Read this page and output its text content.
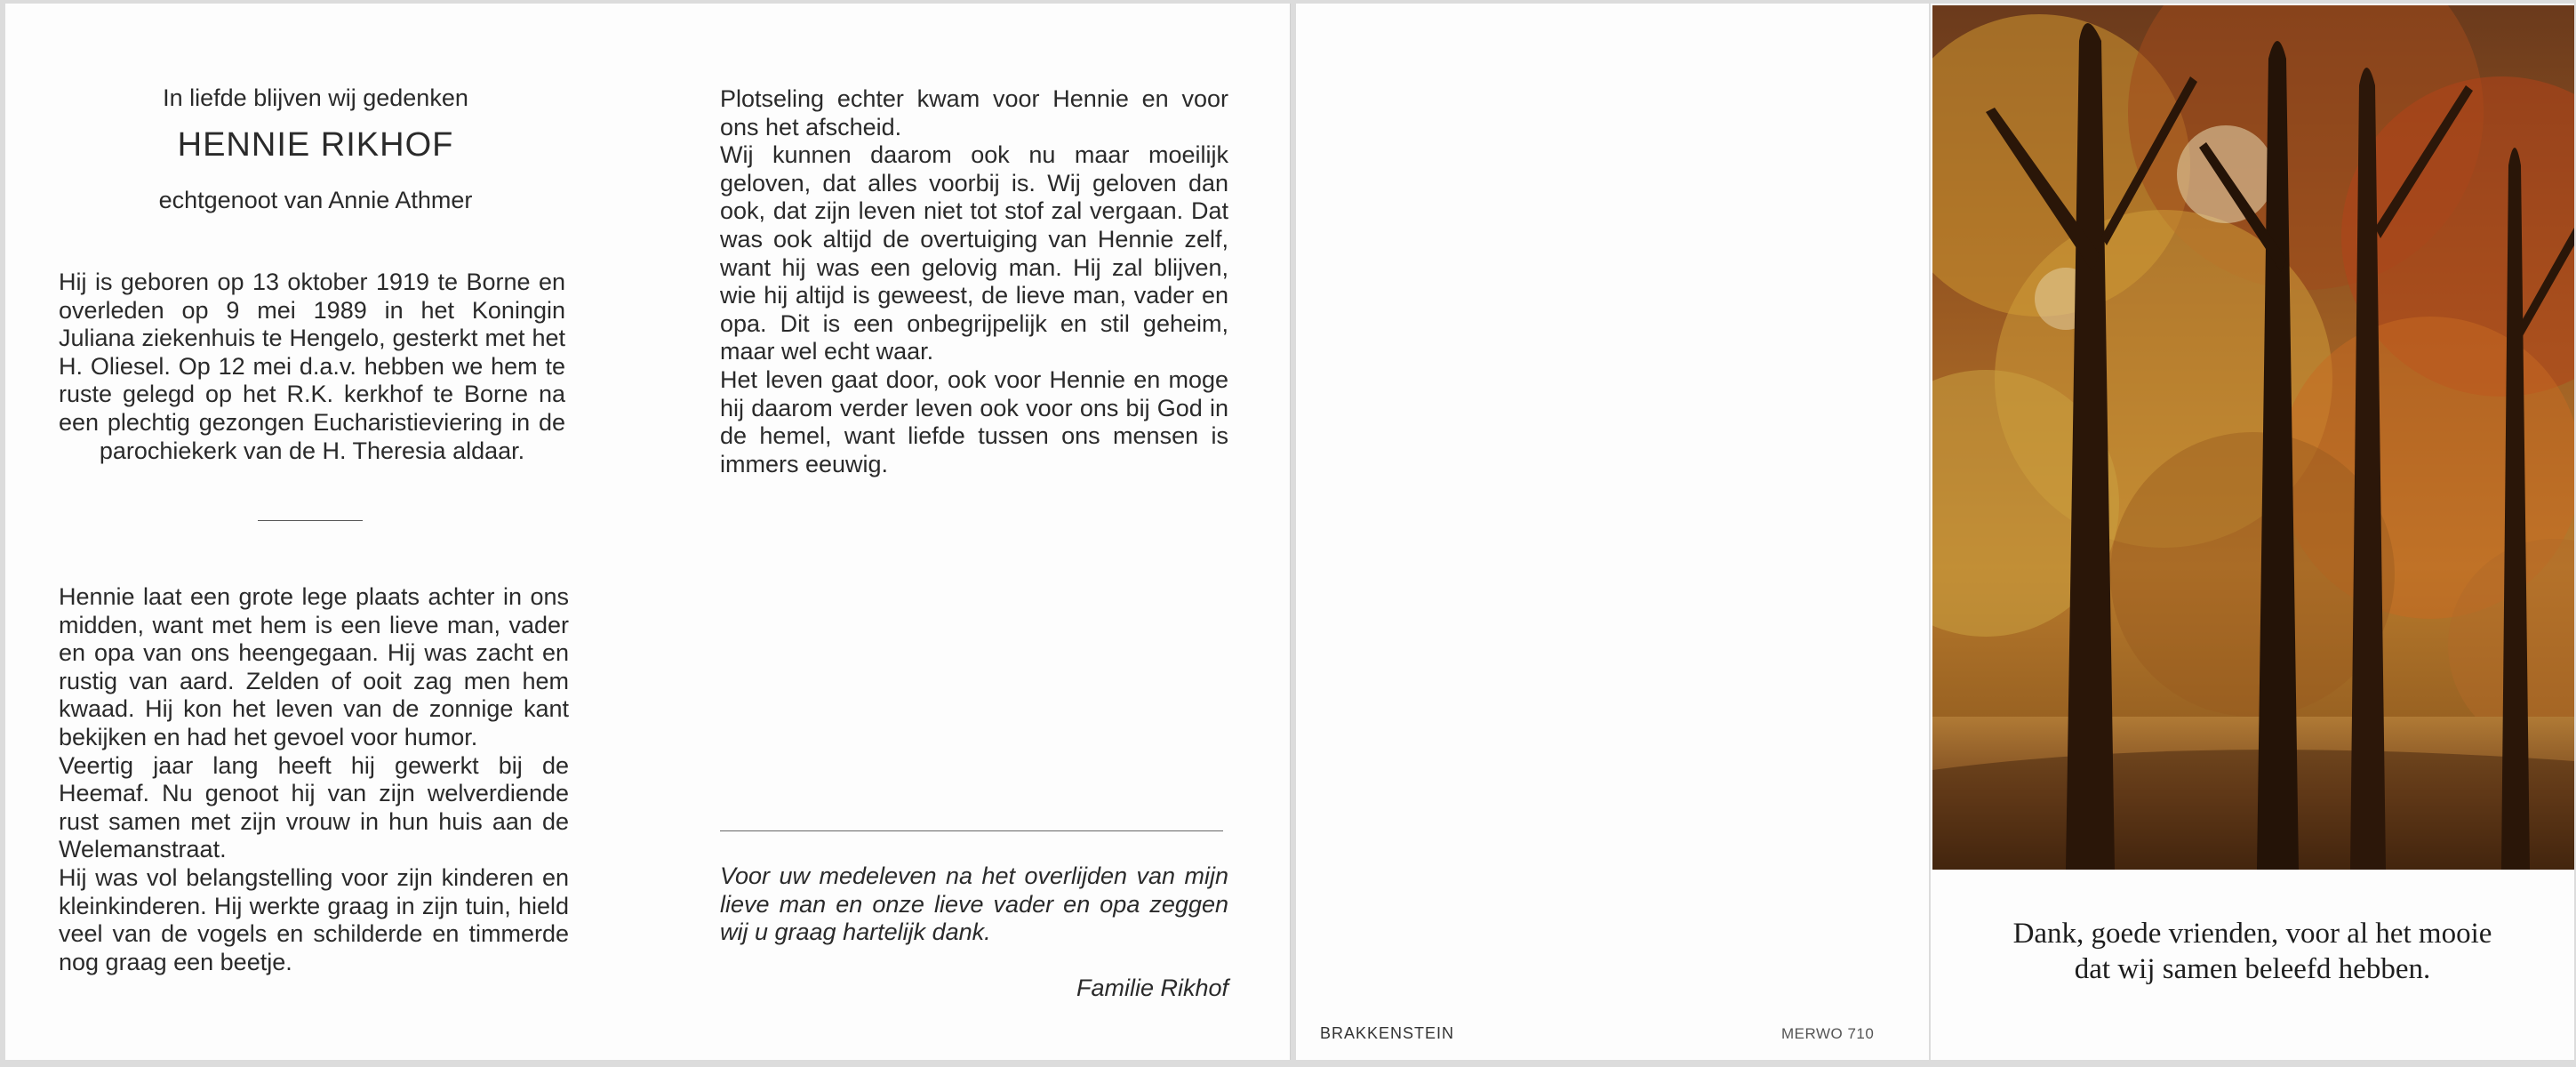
In liefde blijven wij gedenken
HENNIE RIKHOF
echtgenoot van Annie Athmer

Hij is geboren op 13 oktober 1919 te Borne en overleden op 9 mei 1989 in het Koningin Juliana ziekenhuis te Hengelo, gesterkt met het H. Oliesel. Op 12 mei d.a.v. hebben we hem te ruste gelegd op het R.K. kerkhof te Borne na een plechtig gezongen Eucharistieviering in de parochiekerk van de H. Theresia aldaar.

Hennie laat een grote lege plaats achter in ons midden, want met hem is een lieve man, vader en opa van ons heengegaan. Hij was zacht en rustig van aard. Zelden of ooit zag men hem kwaad. Hij kon het leven van de zonnige kant bekijken en had het gevoel voor humor.

Veertig jaar lang heeft hij gewerkt bij de Heemaf. Nu genoot hij van zijn welverdiende rust samen met zijn vrouw in hun huis aan de Welemanstraat.

Hij was vol belangstelling voor zijn kinderen en kleinkinderen. Hij werkte graag in zijn tuin, hield veel van de vogels en schilderde en timmerde nog graag een beetje.

Plotseling echter kwam voor Hennie en voor ons het afscheid.

Wij kunnen daarom ook nu maar moeilijk geloven, dat alles voorbij is. Wij geloven dan ook, dat zijn leven niet tot stof zal vergaan. Dat was ook altijd de overtuiging van Hennie zelf, want hij was een gelovig man. Hij zal blijven, wie hij altijd is geweest, de lieve man, vader en opa. Dit is een onbegrijpelijk en stil geheim, maar wel echt waar.

Het leven gaat door, ook voor Hennie en moge hij daarom verder leven ook voor ons bij God in de hemel, want liefde tussen ons mensen is immers eeuwig.

Voor uw medeleven na het overlijden van mijn lieve man en onze lieve vader en opa zeggen wij u graag hartelijk dank.

Familie Rikhof
BRAKKENSTEIN	MERWO 710
Dank, goede vrienden, voor al het mooie
dat wij samen beleefd hebben.
